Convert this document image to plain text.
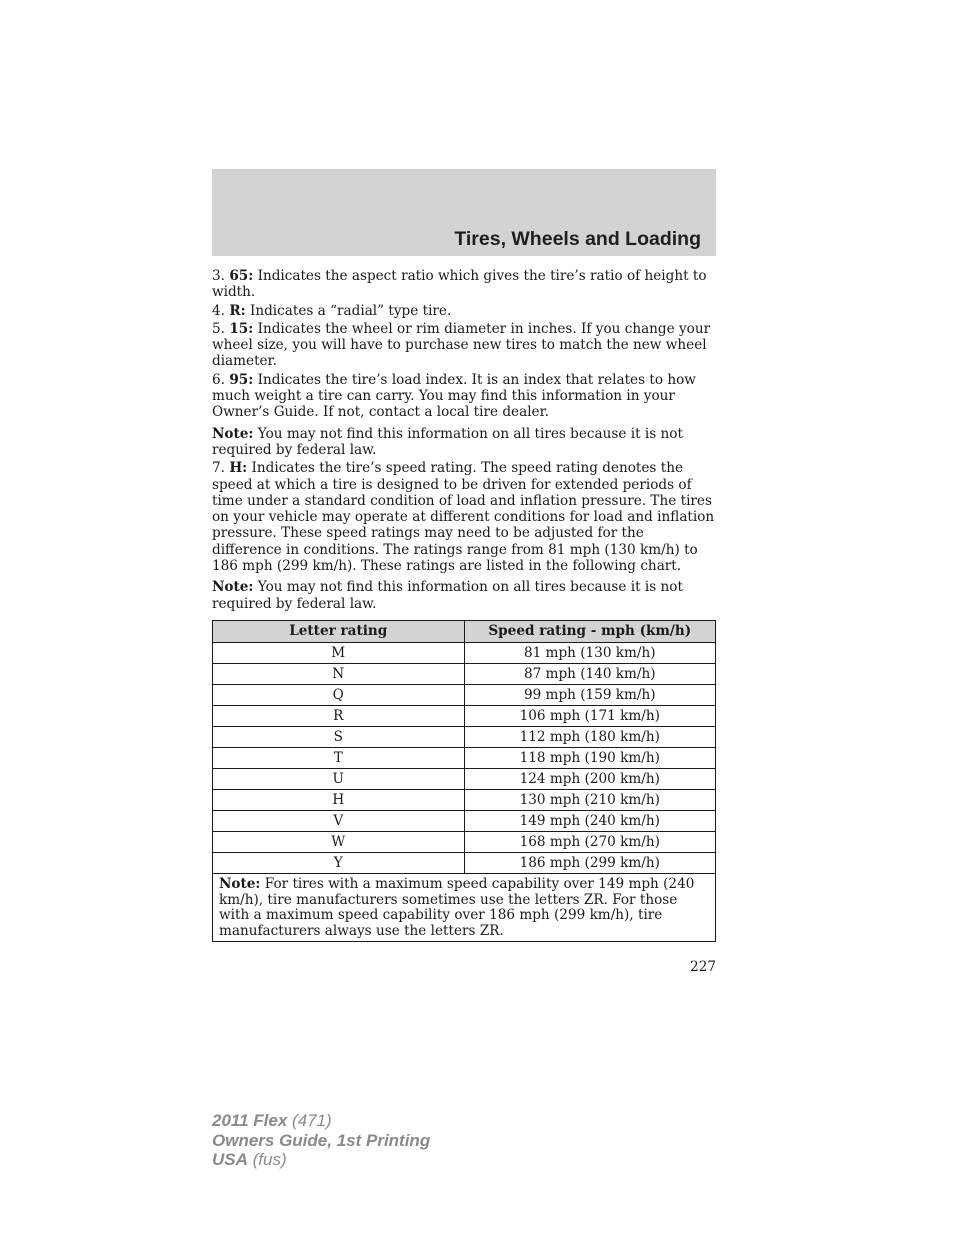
Tires, Wheels and Loading

3. 65: Indicates the aspect ratio which gives the tire’s ratio of height to width.

4. R: Indicates a “radial” type tire.

5. 15: Indicates the wheel or rim diameter in inches. If you change your wheel size, you will have to purchase new tires to match the new wheel diameter.

6. 95: Indicates the tire’s load index. It is an index that relates to how much weight a tire can carry. You may find this information in your Owner’s Guide. If not, contact a local tire dealer.

Note: You may not find this information on all tires because it is not required by federal law.

7. H: Indicates the tire’s speed rating. The speed rating denotes the speed at which a tire is designed to be driven for extended periods of time under a standard condition of load and inflation pressure. The tires on your vehicle may operate at different conditions for load and inflation pressure. These speed ratings may need to be adjusted for the difference in conditions. The ratings range from 81 mph (130 km/h) to 186 mph (299 km/h). These ratings are listed in the following chart.

Note: You may not find this information on all tires because it is not required by federal law.

Letter rating	Speed rating - mph (km/h)
M	81 mph (130 km/h)
N	87 mph (140 km/h)
Q	99 mph (159 km/h)
R	106 mph (171 km/h)
S	112 mph (180 km/h)
T	118 mph (190 km/h)
U	124 mph (200 km/h)
H	130 mph (210 km/h)
V	149 mph (240 km/h)
W	168 mph (270 km/h)
Y	186 mph (299 km/h)
Note: For tires with a maximum speed capability over 149 mph (240 km/h), tire manufacturers sometimes use the letters ZR. For those with a maximum speed capability over 186 mph (299 km/h), tire manufacturers always use the letters ZR.	
227
2011 Flex (471)
Owners Guide, 1st Printing
USA (fus)
